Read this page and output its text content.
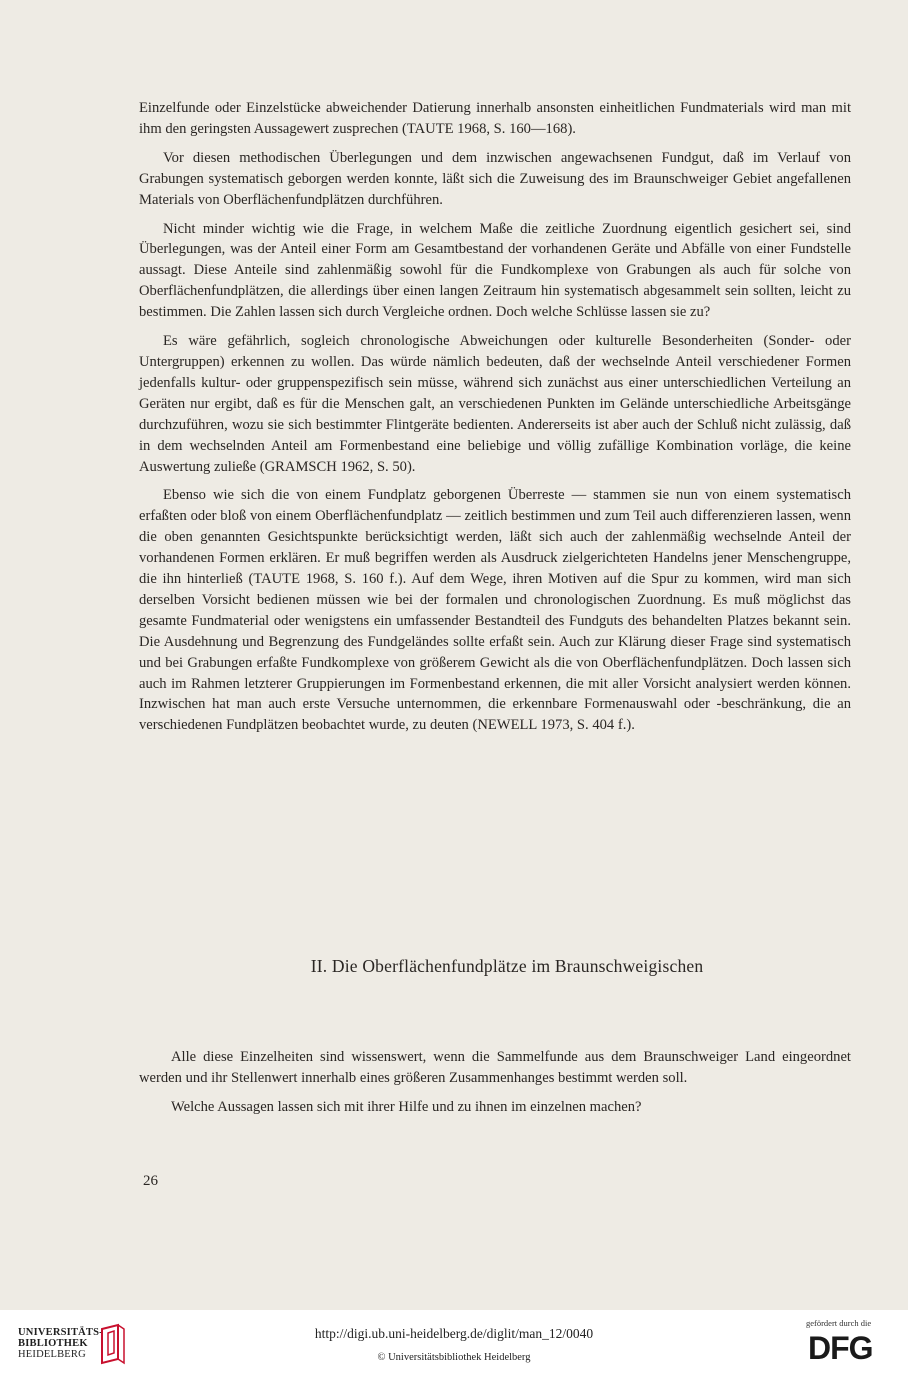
Einzelfunde oder Einzelstücke abweichender Datierung innerhalb ansonsten einheitlichen Fundmaterials wird man mit ihm den geringsten Aussagewert zusprechen (TAUTE 1968, S. 160—168).

Vor diesen methodischen Überlegungen und dem inzwischen angewachsenen Fundgut, daß im Verlauf von Grabungen systematisch geborgen werden konnte, läßt sich die Zuweisung des im Braunschweiger Gebiet angefallenen Materials von Oberflächenfundplätzen durchführen.

Nicht minder wichtig wie die Frage, in welchem Maße die zeitliche Zuordnung eigentlich gesichert sei, sind Überlegungen, was der Anteil einer Form am Gesamtbestand der vorhandenen Geräte und Abfälle von einer Fundstelle aussagt. Diese Anteile sind zahlenmäßig sowohl für die Fundkomplexe von Grabungen als auch für solche von Oberflächenfundplätzen, die allerdings über einen langen Zeitraum hin systematisch abgesammelt sein sollten, leicht zu bestimmen. Die Zahlen lassen sich durch Vergleiche ordnen. Doch welche Schlüsse lassen sie zu?

Es wäre gefährlich, sogleich chronologische Abweichungen oder kulturelle Besonderheiten (Sonder- oder Untergruppen) erkennen zu wollen. Das würde nämlich bedeuten, daß der wechselnde Anteil verschiedener Formen jedenfalls kultur- oder gruppenspezifisch sein müsse, während sich zunächst aus einer unterschiedlichen Verteilung an Geräten nur ergibt, daß es für die Menschen galt, an verschiedenen Punkten im Gelände unterschiedliche Arbeitsgänge durchzuführen, wozu sie sich bestimmter Flintgeräte bedienten. Andererseits ist aber auch der Schluß nicht zulässig, daß in dem wechselnden Anteil am Formenbestand eine beliebige und völlig zufällige Kombination vorläge, die keine Auswertung zuließe (GRAMSCH 1962, S. 50).

Ebenso wie sich die von einem Fundplatz geborgenen Überreste — stammen sie nun von einem systematisch erfaßten oder bloß von einem Oberflächenfundplatz — zeitlich bestimmen und zum Teil auch differenzieren lassen, wenn die oben genannten Gesichtspunkte berücksichtigt werden, läßt sich auch der zahlenmäßig wechselnde Anteil der vorhandenen Formen erklären. Er muß begriffen werden als Ausdruck zielgerichteten Handelns jener Menschengruppe, die ihn hinterließ (TAUTE 1968, S. 160 f.). Auf dem Wege, ihren Motiven auf die Spur zu kommen, wird man sich derselben Vorsicht bedienen müssen wie bei der formalen und chronologischen Zuordnung. Es muß möglichst das gesamte Fundmaterial oder wenigstens ein umfassender Bestandteil des Fundguts des behandelten Platzes bekannt sein. Die Ausdehnung und Begrenzung des Fundgeländes sollte erfaßt sein. Auch zur Klärung dieser Frage sind systematisch und bei Grabungen erfaßte Fundkomplexe von größerem Gewicht als die von Oberflächenfundplätzen. Doch lassen sich auch im Rahmen letzterer Gruppierungen im Formenbestand erkennen, die mit aller Vorsicht analysiert werden können. Inzwischen hat man auch erste Versuche unternommen, die erkennbare Formenauswahl oder -beschränkung, die an verschiedenen Fundplätzen beobachtet wurde, zu deuten (NEWELL 1973, S. 404 f.).

II. Die Oberflächenfundplätze im Braunschweigischen

Alle diese Einzelheiten sind wissenswert, wenn die Sammelfunde aus dem Braunschweiger Land eingeordnet werden und ihr Stellenwert innerhalb eines größeren Zusammenhanges bestimmt werden soll.

Welche Aussagen lassen sich mit ihrer Hilfe und zu ihnen im einzelnen machen?

26
UNIVERSITÄTS-
BIBLIOTHEK
HEIDELBERG
http://digi.ub.uni-heidelberg.de/diglit/man_12/0040
© Universitätsbibliothek Heidelberg
gefördert durch die
DFG
